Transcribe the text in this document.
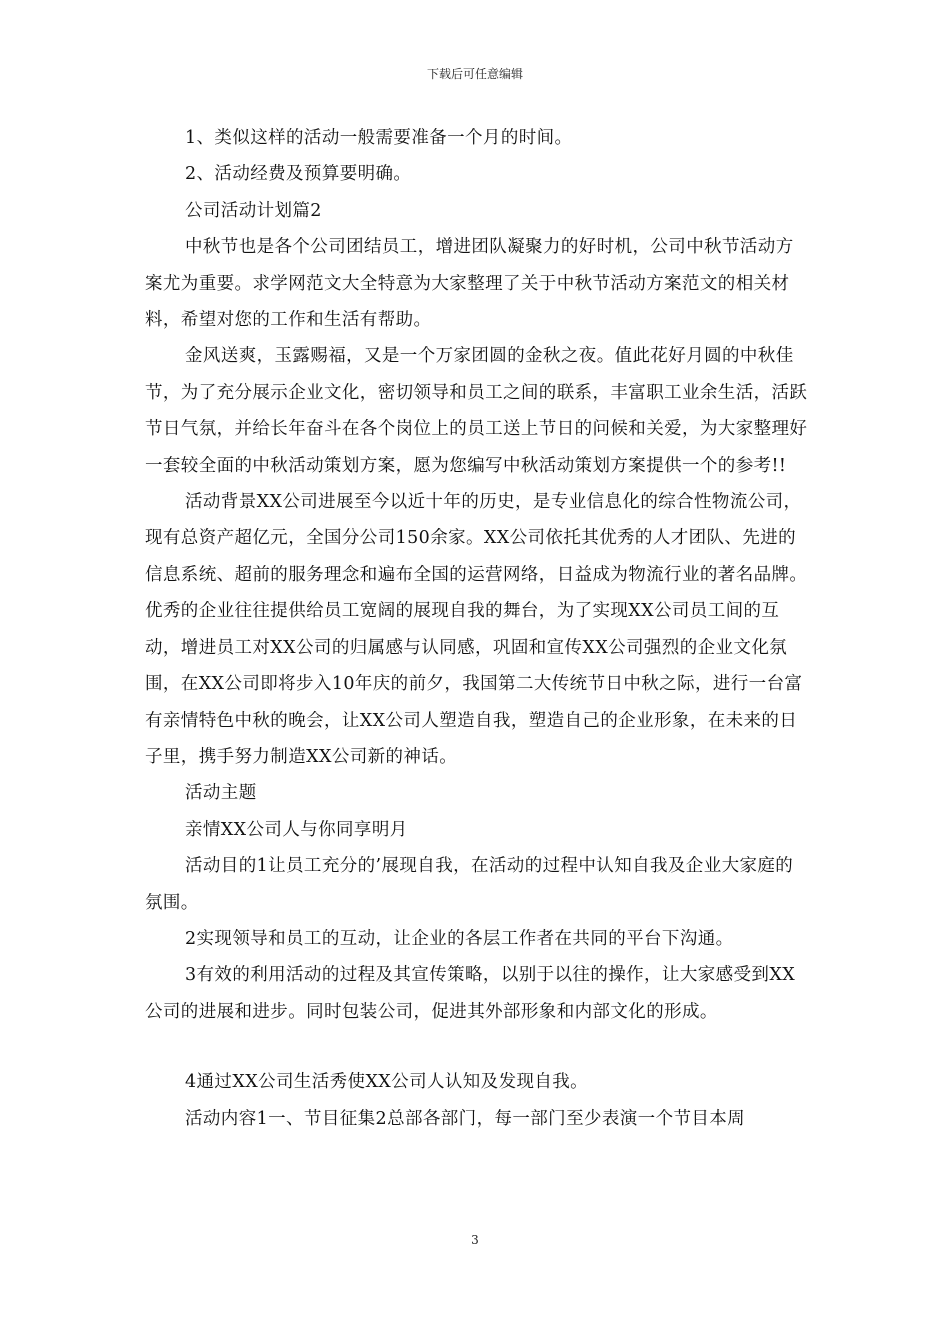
下载后可任意编辑

1、类似这样的活动一般需要准备一个月的时间。

2、活动经费及预算要明确。

公司活动计划篇2

中秋节也是各个公司团结员工，增进团队凝聚力的好时机，公司中秋节活动方案尤为重要。求学网范文大全特意为大家整理了关于中秋节活动方案范文的相关材料，希望对您的工作和生活有帮助。

金风送爽，玉露赐福，又是一个万家团圆的金秋之夜。值此花好月圆的中秋佳节，为了充分展示企业文化，密切领导和员工之间的联系，丰富职工业余生活，活跃节日气氛，并给长年奋斗在各个岗位上的员工送上节日的问候和关爱，为大家整理好一套较全面的中秋活动策划方案，愿为您编写中秋活动策划方案提供一个的参考!!

活动背景XX公司进展至今以近十年的历史，是专业信息化的综合性物流公司，现有总资产超亿元，全国分公司150余家。XX公司依托其优秀的人才团队、先进的信息系统、超前的服务理念和遍布全国的运营网络，日益成为物流行业的著名品牌。优秀的企业往往提供给员工宽阔的展现自我的舞台，为了实现XX公司员工间的互动，增进员工对XX公司的归属感与认同感，巩固和宣传XX公司强烈的企业文化氛围，在XX公司即将步入10年庆的前夕，我国第二大传统节日中秋之际，进行一台富有亲情特色中秋的晚会，让XX公司人塑造自我，塑造自己的企业形象，在未来的日子里，携手努力制造XX公司新的神话。

活动主题

亲情XX公司人与你同享明月

活动目的1让员工充分的’展现自我，在活动的过程中认知自我及企业大家庭的氛围。

2实现领导和员工的互动，让企业的各层工作者在共同的平台下沟通。

3有效的利用活动的过程及其宣传策略，以别于以往的操作，让大家感受到XX公司的进展和进步。同时包装公司，促进其外部形象和内部文化的形成。

4通过XX公司生活秀使XX公司人认知及发现自我。

活动内容1一、节目征集2总部各部门，每一部门至少表演一个节目本周

3
